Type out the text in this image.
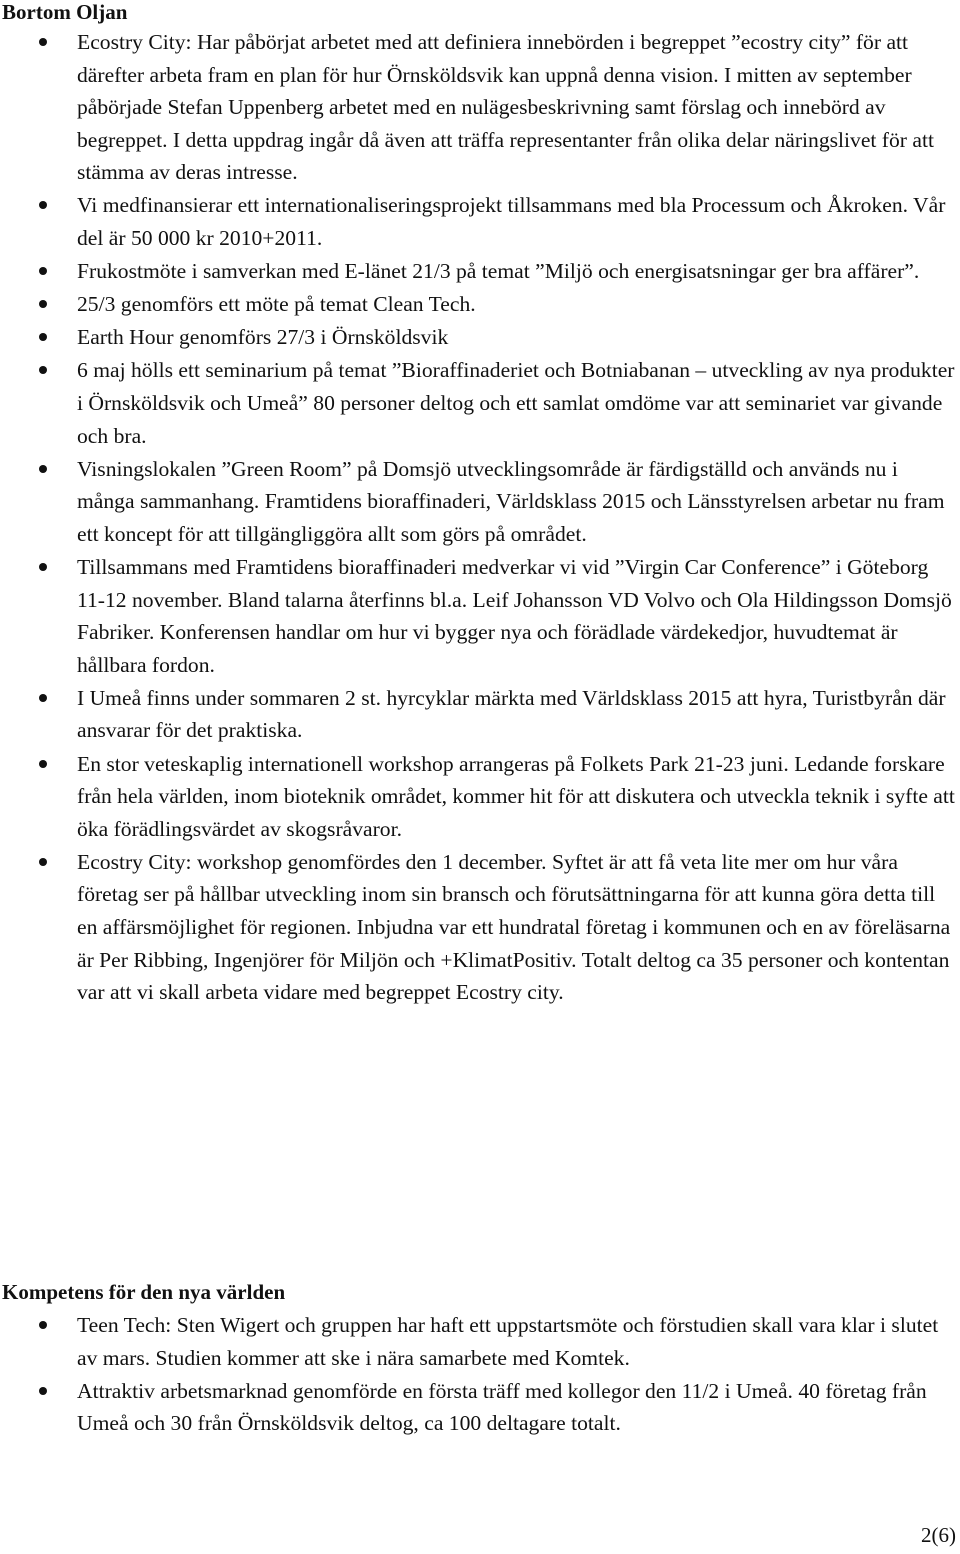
Bortom Oljan
Ecostry City: Har påbörjat arbetet med att definiera innebörden i begreppet ”ecostry city” för att därefter arbeta fram en plan för hur Örnsköldsvik kan uppnå denna vision. I mitten av september påbörjade Stefan Uppenberg arbetet med en nulägesbeskrivning samt förslag och innebörd av begreppet. I detta uppdrag ingår då även att träffa representanter från olika delar näringslivet för att stämma av deras intresse.
Vi medfinansierar ett internationaliseringsprojekt tillsammans med bla Processum och Åkroken. Vår del är 50 000 kr 2010+2011.
Frukostmöte i samverkan med E-länet 21/3 på temat ”Miljö och energisatsningar ger bra affärer”.
25/3 genomförs ett möte på temat Clean Tech.
Earth Hour genomförs 27/3 i Örnsköldsvik
6 maj hölls ett seminarium på temat ”Bioraffinaderiet och Botniabanan – utveckling av nya produkter i Örnsköldsvik och Umeå” 80 personer deltog och ett samlat omdöme var att seminariet var givande och bra.
Visningslokalen ”Green Room” på Domsjö utvecklingsområde är färdigställd och används nu i många sammanhang. Framtidens bioraffinaderi, Världsklass 2015 och Länsstyrelsen arbetar nu fram ett koncept för att tillgängliggöra allt som görs på området.
Tillsammans med Framtidens bioraffinaderi medverkar vi vid ”Virgin Car Conference” i Göteborg 11-12 november. Bland talarna återfinns bl.a. Leif Johansson VD Volvo och Ola Hildingsson Domsjö Fabriker. Konferensen handlar om hur vi bygger nya och förädlade värdekedjor, huvudtemat är hållbara fordon.
I Umeå finns under sommaren 2 st. hyrcyklar märkta med Världsklass 2015 att hyra, Turistbyrån där ansvarar för det praktiska.
En stor veteskaplig internationell workshop arrangeras på Folkets Park 21-23 juni. Ledande forskare från hela världen, inom bioteknik området, kommer hit för att diskutera och utveckla teknik i syfte att öka förädlingsvärdet av skogsråvaror.
Ecostry City: workshop genomfördes den 1 december. Syftet är att få veta lite mer om hur våra företag ser på hållbar utveckling inom sin bransch och förutsättningarna för att kunna göra detta till en affärsmöjlighet för regionen. Inbjudna var ett hundratal företag i kommunen och en av föreläsarna är Per Ribbing, Ingenjörer för Miljön och +KlimatPositiv. Totalt deltog ca 35 personer och kontentan var att vi skall arbeta vidare med begreppet Ecostry city.
Kompetens för den nya världen
Teen Tech: Sten Wigert och gruppen har haft ett uppstartsmöte och förstudien skall vara klar i slutet av mars. Studien kommer att ske i nära samarbete med Komtek.
Attraktiv arbetsmarknad genomförde en första träff med kollegor den 11/2 i Umeå. 40 företag från Umeå och 30 från Örnsköldsvik deltog, ca 100 deltagare totalt.
2(6)
